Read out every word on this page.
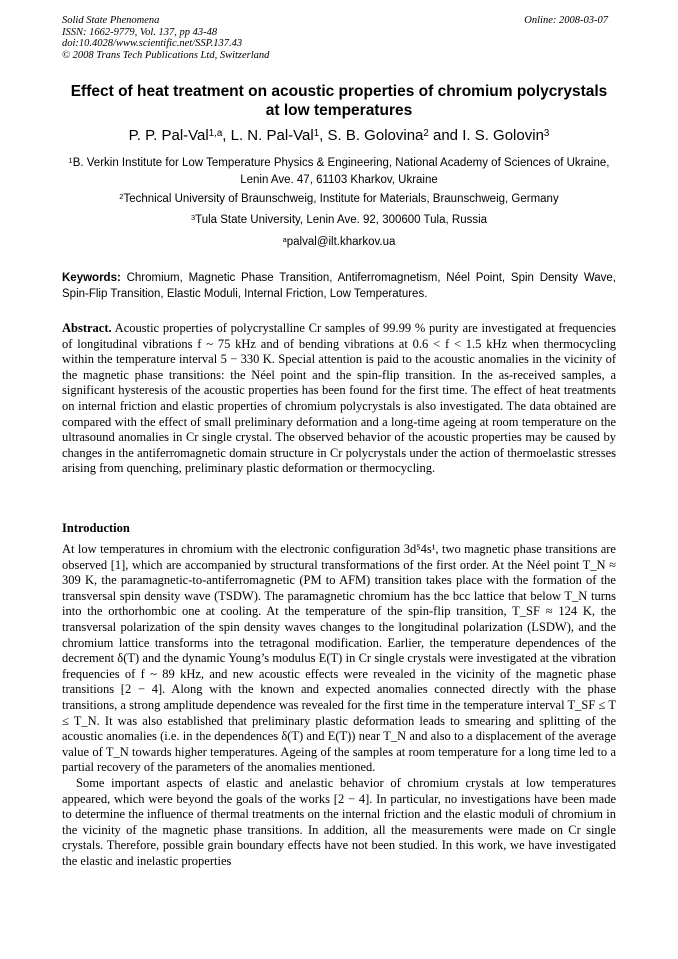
Solid State Phenomena
ISSN: 1662-9779, Vol. 137, pp 43-48
doi:10.4028/www.scientific.net/SSP.137.43
© 2008 Trans Tech Publications Ltd, Switzerland
Online: 2008-03-07
Effect of heat treatment on acoustic properties of chromium polycrystals at low temperatures
P. P. Pal-Val$^{1,a}$, L. N. Pal-Val$^1$, S. B. Golovina$^2$ and I. S. Golovin$^3$
$^1$B. Verkin Institute for Low Temperature Physics & Engineering, National Academy of Sciences of Ukraine, Lenin Ave. 47, 61103 Kharkov, Ukraine
$^2$Technical University of Braunschweig, Institute for Materials, Braunschweig, Germany
$^3$Tula State University, Lenin Ave. 92, 300600 Tula, Russia
$^a$palval@ilt.kharkov.ua
Keywords: Chromium, Magnetic Phase Transition, Antiferromagnetism, Néel Point, Spin Density Wave, Spin-Flip Transition, Elastic Moduli, Internal Friction, Low Temperatures.
Abstract. Acoustic properties of polycrystalline Cr samples of 99.99 % purity are investigated at frequencies of longitudinal vibrations f ~ 75 kHz and of bending vibrations at 0.6 < f < 1.5 kHz when thermocycling within the temperature interval 5 − 330 K. Special attention is paid to the acoustic anomalies in the vicinity of the magnetic phase transitions: the Néel point and the spin-flip transition. In the as-received samples, a significant hysteresis of the acoustic properties has been found for the first time. The effect of heat treatments on internal friction and elastic properties of chromium polycrystals is also investigated. The data obtained are compared with the effect of small preliminary deformation and a long-time ageing at room temperature on the ultrasound anomalies in Cr single crystal. The observed behavior of the acoustic properties may be caused by changes in the antiferromagnetic domain structure in Cr polycrystals under the action of thermoelastic stresses arising from quenching, preliminary plastic deformation or thermocycling.
Introduction

At low temperatures in chromium with the electronic configuration 3d⁵4s¹, two magnetic phase transitions are observed [1], which are accompanied by structural transformations of the first order. At the Néel point T_N ≈ 309 K, the paramagnetic-to-antiferromagnetic (PM to AFM) transition takes place with the formation of the transversal spin density wave (TSDW). The paramagnetic chromium has the bcc lattice that below T_N turns into the orthorhombic one at cooling. At the temperature of the spin-flip transition, T_SF ≈ 124 K, the transversal polarization of the spin density waves changes to the longitudinal polarization (LSDW), and the chromium lattice transforms into the tetragonal modification. Earlier, the temperature dependences of the decrement δ(T) and the dynamic Young’s modulus E(T) in Cr single crystals were investigated at the vibration frequencies of f ~ 89 kHz, and new acoustic effects were revealed in the vicinity of the magnetic phase transitions [2 − 4]. Along with the known and expected anomalies connected directly with the phase transitions, a strong amplitude dependence was revealed for the first time in the temperature interval T_SF ≤ T ≤ T_N. It was also established that preliminary plastic deformation leads to smearing and splitting of the acoustic anomalies (i.e. in the dependences δ(T) and E(T)) near T_N and also to a displacement of the average value of T_N towards higher temperatures. Ageing of the samples at room temperature for a long time led to a partial recovery of the parameters of the anomalies mentioned.

Some important aspects of elastic and anelastic behavior of chromium crystals at low temperatures appeared, which were beyond the goals of the works [2 − 4]. In particular, no investigations have been made to determine the influence of thermal treatments on the internal friction and the elastic moduli of chromium in the vicinity of the magnetic phase transitions. In addition, all the measurements were made on Cr single crystals. Therefore, possible grain boundary effects have not been studied. In this work, we have investigated the elastic and inelastic properties
